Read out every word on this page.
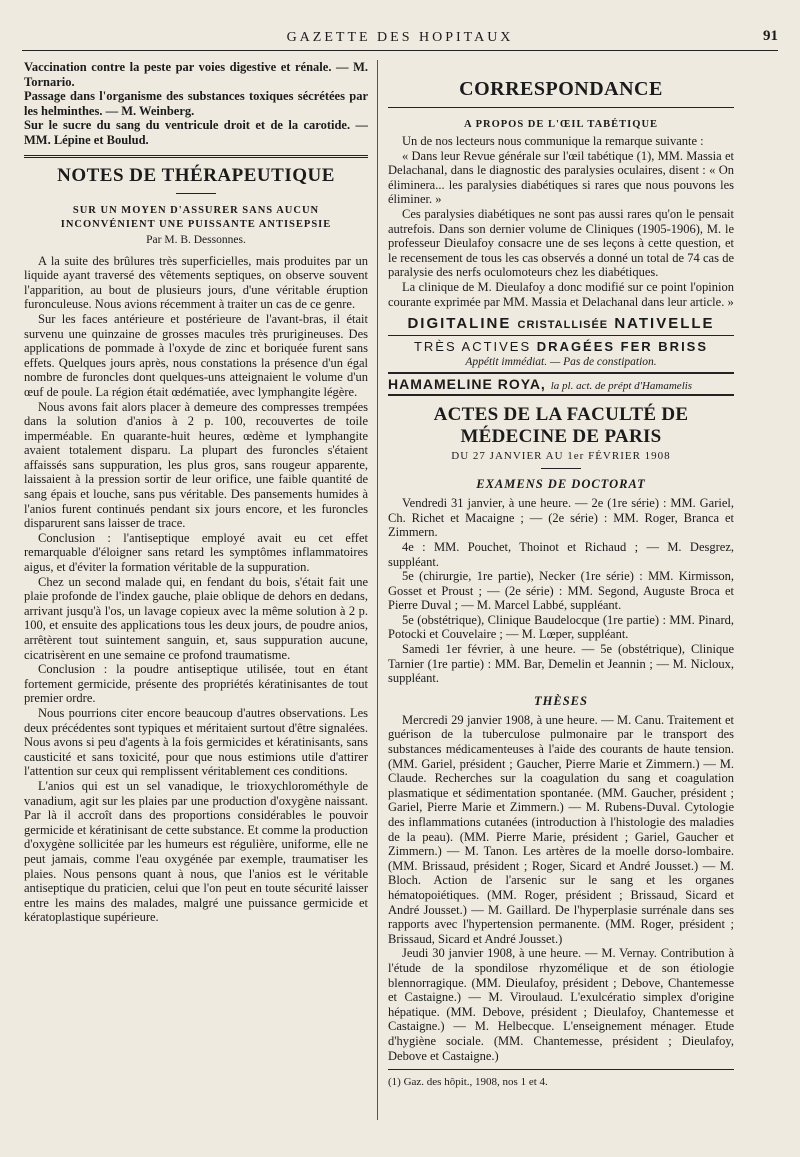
GAZETTE DES HOPITAUX	91

Vaccination contre la peste par voies digestive et rénale. — M. Tornario.

Passage dans l'organisme des substances toxiques sécrétées par les helminthes. — M. Weinberg.

Sur le sucre du sang du ventricule droit et de la carotide. — MM. Lépine et Boulud.

NOTES DE THÉRAPEUTIQUE
SUR UN MOYEN D'ASSURER SANS AUCUN INCONVÉNIENT UNE PUISSANTE ANTISEPSIE
Par M. B. Dessonnes.

A la suite des brûlures très superficielles, mais produites par un liquide ayant traversé des vêtements septiques, on observe souvent l'apparition, au bout de plusieurs jours, d'une véritable éruption furonculeuse. Nous avions récemment à traiter un cas de ce genre.

Sur les faces antérieure et postérieure de l'avant-bras, il était survenu une quinzaine de grosses macules très prurigineuses. Des applications de pommade à l'oxyde de zinc et boriquée furent sans effets. Quelques jours après, nous constations la présence d'un égal nombre de furoncles dont quelques-uns atteignaient le volume d'un œuf de poule. La région était œdématiée, avec lymphangite légère.

Nous avons fait alors placer à demeure des compresses trempées dans la solution d'anios à 2 p. 100, recouvertes de toile imperméable. En quarante-huit heures, œdème et lymphangite avaient totalement disparu. La plupart des furoncles s'étaient affaissés sans suppuration, les plus gros, sans rougeur apparente, laissaient à la pression sortir de leur orifice, une faible quantité de sang épais et louche, sans pus véritable. Des pansements humides à l'anios furent continués pendant six jours encore, et les furoncles disparurent sans laisser de trace.

Conclusion : l'antiseptique employé avait eu cet effet remarquable d'éloigner sans retard les symptômes inflammatoires aigus, et d'éviter la formation véritable de la suppuration.

Chez un second malade qui, en fendant du bois, s'était fait une plaie profonde de l'index gauche, plaie oblique de dehors en dedans, arrivant jusqu'à l'os, un lavage copieux avec la même solution à 2 p. 100, et ensuite des applications tous les deux jours, de poudre anios, arrêtèrent tout suintement sanguin, et, saus suppuration aucune, cicatrisèrent en une semaine ce profond traumatisme.

Conclusion : la poudre antiseptique utilisée, tout en étant fortement germicide, présente des propriétés kératinisantes de tout premier ordre.

Nous pourrions citer encore beaucoup d'autres observations. Les deux précédentes sont typiques et méritaient surtout d'être signalées. Nous avons si peu d'agents à la fois germicides et kératinisants, sans causticité et sans toxicité, pour que nous estimions utile d'attirer l'attention sur ceux qui remplissent véritablement ces conditions.

L'anios qui est un sel vanadique, le trioxychlorométhyle de vanadium, agit sur les plaies par une production d'oxygène naissant. Par là il accroît dans des proportions considérables le pouvoir germicide et kératinisant de cette substance. Et comme la production d'oxygène sollicitée par les humeurs est régulière, uniforme, elle ne peut jamais, comme l'eau oxygénée par exemple, traumatiser les plaies. Nous pensons quant à nous, que l'anios est le véritable antiseptique du praticien, celui que l'on peut en toute sécurité laisser entre les mains des malades, malgré une puissance germicide et kératoplastique supérieure.

CORRESPONDANCE
A PROPOS DE L'ŒIL TABÉTIQUE

Un de nos lecteurs nous communique la remarque suivante :

« Dans leur Revue générale sur l'œil tabétique (1), MM. Massia et Delachanal, dans le diagnostic des paralysies oculaires, disent : « On éliminera... les paralysies diabétiques si rares que nous pouvons les éliminer. »

Ces paralysies diabétiques ne sont pas aussi rares qu'on le pensait autrefois. Dans son dernier volume de Cliniques (1905-1906), M. le professeur Dieulafoy consacre une de ses leçons à cette question, et le recensement de tous les cas observés a donné un total de 74 cas de paralysie des nerfs oculomoteurs chez les diabétiques.

La clinique de M. Dieulafoy a donc modifié sur ce point l'opinion courante exprimée par MM. Massia et Delachanal dans leur article. »

DIGITALINE CRISTALLISÉE NATIVELLE
TRÈS ACTIVES DRAGÉES FER BRISS
Appétit immédiat. — Pas de constipation.
HAMAMELINE ROYA, la pl. act. de prépt d'Hamamelis
ACTES DE LA FACULTÉ DE MÉDECINE DE PARIS
DU 27 JANVIER AU 1er FÉVRIER 1908
EXAMENS DE DOCTORAT

Vendredi 31 janvier, à une heure. — 2e (1re série) : MM. Gariel, Ch. Richet et Macaigne ; — (2e série) : MM. Roger, Branca et Zimmern.

4e : MM. Pouchet, Thoinot et Richaud ; — M. Desgrez, suppléant.

5e (chirurgie, 1re partie), Necker (1re série) : MM. Kirmisson, Gosset et Proust ; — (2e série) : MM. Segond, Auguste Broca et Pierre Duval ; — M. Marcel Labbé, suppléant.

5e (obstétrique), Clinique Baudelocque (1re partie) : MM. Pinard, Potocki et Couvelaire ; — M. Lœper, suppléant.

Samedi 1er février, à une heure. — 5e (obstétrique), Clinique Tarnier (1re partie) : MM. Bar, Demelin et Jeannin ; — M. Nicloux, suppléant.

THÈSES

Mercredi 29 janvier 1908, à une heure. — M. Canu. Traitement et guérison de la tuberculose pulmonaire par le transport des substances médicamenteuses à l'aide des courants de haute tension. (MM. Gariel, président ; Gaucher, Pierre Marie et Zimmern.) — M. Claude. Recherches sur la coagulation du sang et coagulation plasmatique et sédimentation spontanée. (MM. Gaucher, président ; Gariel, Pierre Marie et Zimmern.) — M. Rubens-Duval. Cytologie des inflammations cutanées (introduction à l'histologie des maladies de la peau). (MM. Pierre Marie, président ; Gariel, Gaucher et Zimmern.) — M. Tanon. Les artères de la moelle dorso-lombaire. (MM. Brissaud, président ; Roger, Sicard et André Jousset.) — M. Bloch. Action de l'arsenic sur le sang et les organes hématopoiétiques. (MM. Roger, président ; Brissaud, Sicard et André Jousset.) — M. Gaillard. De l'hyperplasie surrénale dans ses rapports avec l'hypertension permanente. (MM. Roger, président ; Brissaud, Sicard et André Jousset.)

Jeudi 30 janvier 1908, à une heure. — M. Vernay. Contribution à l'étude de la spondilose rhyzomélique et de son étiologie blennorragique. (MM. Dieulafoy, président ; Debove, Chantemesse et Castaigne.) — M. Viroulaud. L'exulcératio simplex d'origine hépatique. (MM. Debove, président ; Dieulafoy, Chantemesse et Castaigne.) — M. Helbecque. L'enseignement ménager. Etude d'hygiène sociale. (MM. Chantemesse, président ; Dieulafoy, Debove et Castaigne.)

(1) Gaz. des hôpit., 1908, nos 1 et 4.
